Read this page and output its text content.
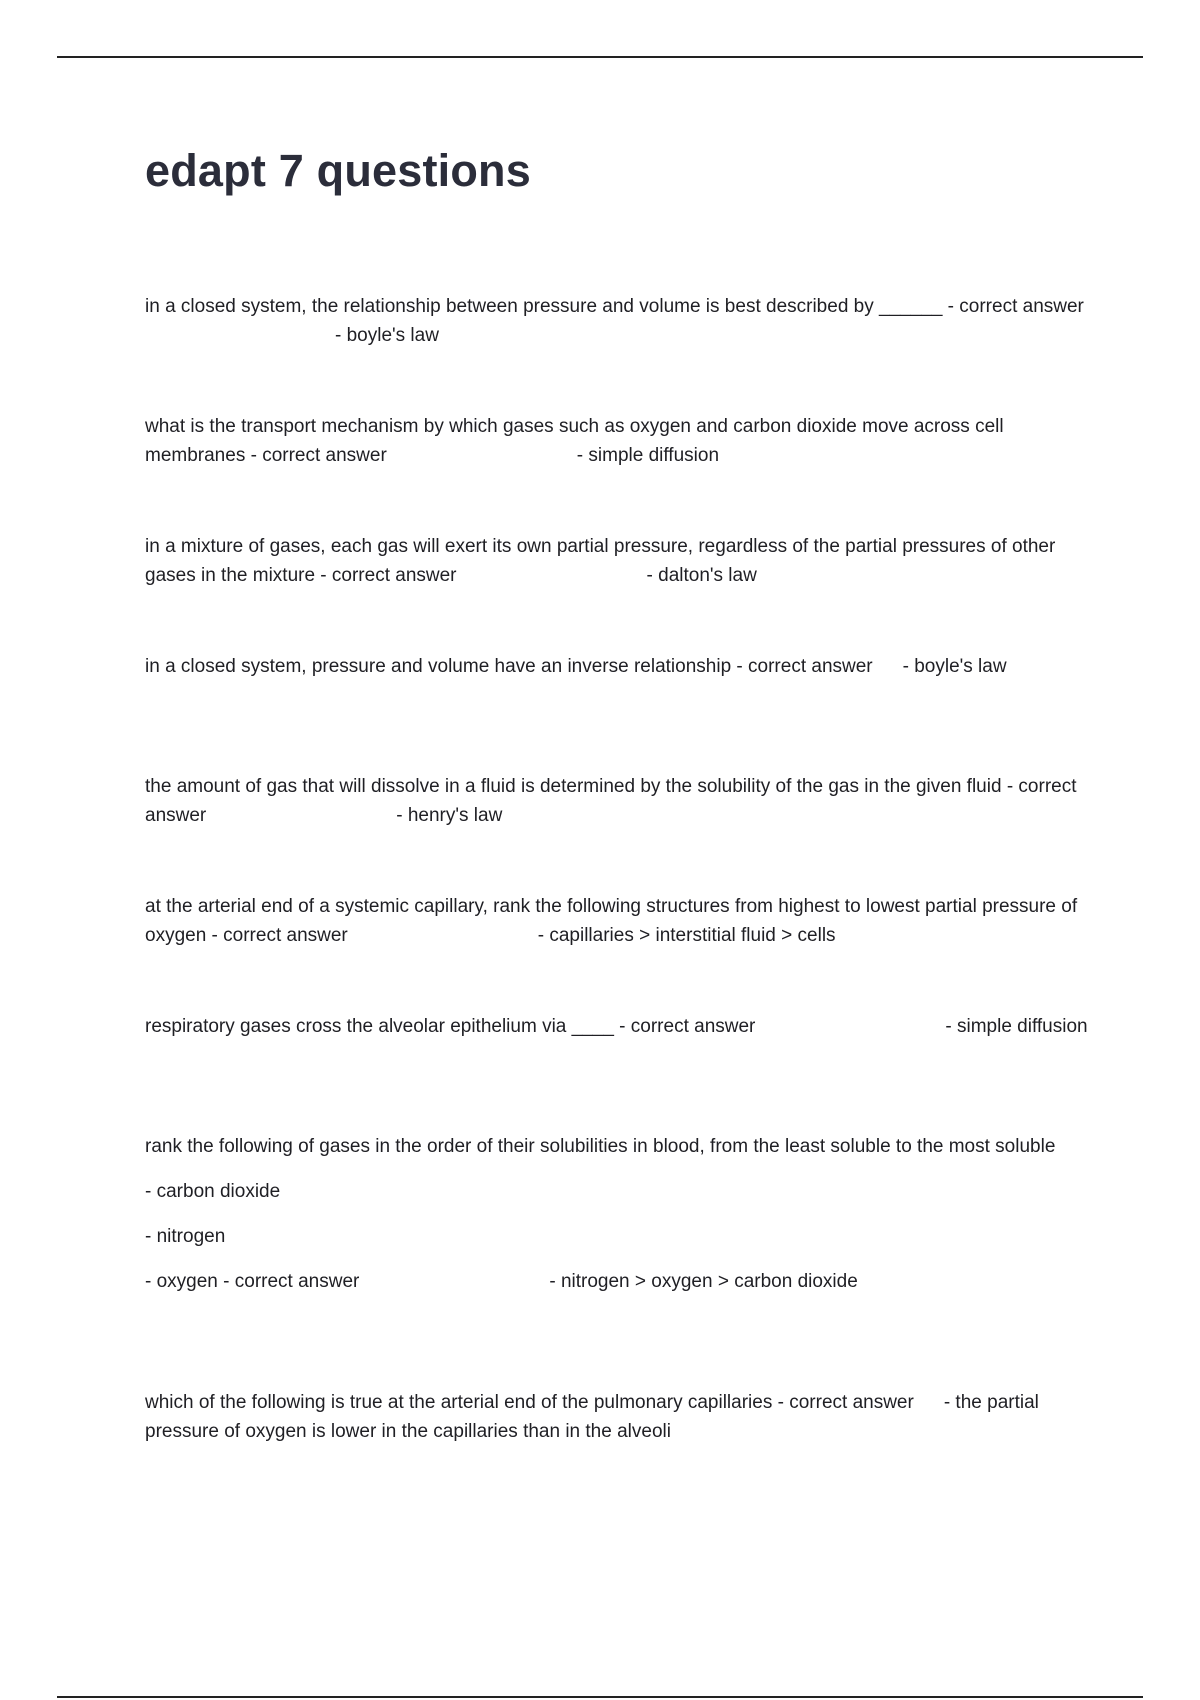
edapt 7 questions

in a closed system, the relationship between pressure and volume is best described by ______ - correct answer- boyle's law

what is the transport mechanism by which gases such as oxygen and carbon dioxide move across cell membranes - correct answer	- simple diffusion

in a mixture of gases, each gas will exert its own partial pressure, regardless of the partial pressures of other gases in the mixture - correct answer	- dalton's law

in a closed system, pressure and volume have an inverse relationship - correct answer - boyle's law

the amount of gas that will dissolve in a fluid is determined by the solubility of the gas in the given fluid - correct answer	- henry's law

at the arterial end of a systemic capillary, rank the following structures from highest to lowest partial pressure of oxygen - correct answer	- capillaries > interstitial fluid > cells

respiratory gases cross the alveolar epithelium via ____ - correct answer	- simple diffusion

rank the following of gases in the order of their solubilities in blood, from the least soluble to the most soluble

- carbon dioxide

- nitrogen

- oxygen - correct answer	- nitrogen > oxygen > carbon dioxide

which of the following is true at the arterial end of the pulmonary capillaries - correct answer - the partial pressure of oxygen is lower in the capillaries than in the alveoli
